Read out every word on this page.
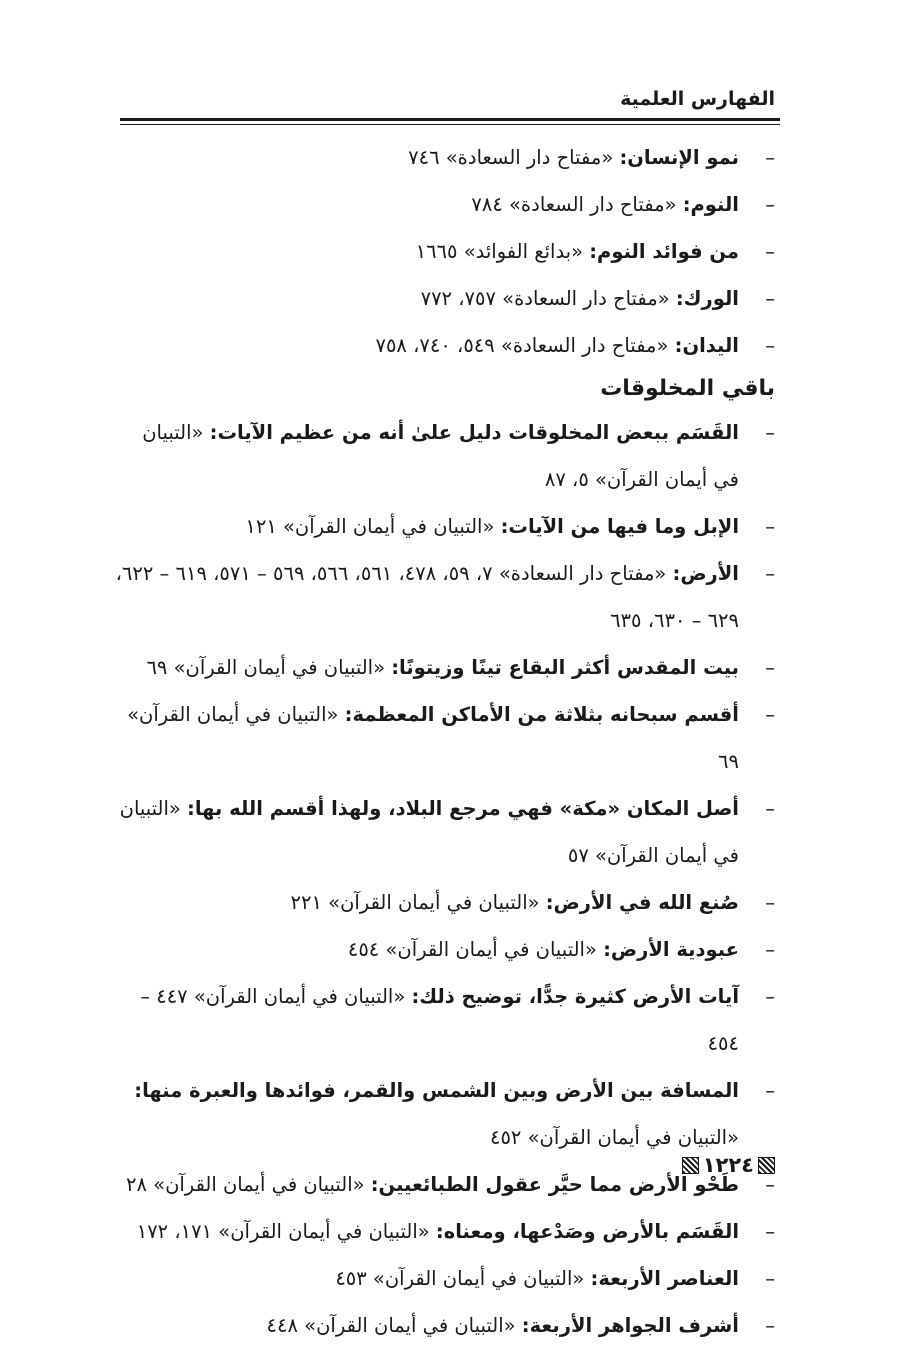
الفهارس العلمية
–
نمو الإنسان: «مفتاح دار السعادة» ٧٤٦
–
النوم: «مفتاح دار السعادة» ٧٨٤
–
من فوائد النوم: «بدائع الفوائد» ١٦٦٥
–
الورك: «مفتاح دار السعادة» ٧٥٧، ٧٧٢
–
اليدان: «مفتاح دار السعادة» ٥٤٩، ٧٤٠، ٧٥٨
باقي المخلوقات
–
القَسَم ببعض المخلوقات دليل علىٰ أنه من عظيم الآيات: «التبيان في أيمان القرآن» ٥، ٨٧
–
الإبل وما فيها من الآيات: «التبيان في أيمان القرآن» ١٢١
–
الأرض: «مفتاح دار السعادة» ٧، ٥٩، ٤٧٨، ٥٦١، ٥٦٦، ٥٦٩ – ٥٧١، ٦١٩ – ٦٢٢، ٦٢٩ – ٦٣٠، ٦٣٥
–
بيت المقدس أكثر البقاع تينًا وزيتونًا: «التبيان في أيمان القرآن» ٦٩
–
أقسم سبحانه بثلاثة من الأماكن المعظمة: «التبيان في أيمان القرآن» ٦٩
–
أصل المكان «مكة» فهي مرجع البلاد، ولهذا أقسم الله بها: «التبيان في أيمان القرآن» ٥٧
–
صُنع الله في الأرض: «التبيان في أيمان القرآن» ٢٢١
–
عبودية الأرض: «التبيان في أيمان القرآن» ٤٥٤
–
آيات الأرض كثيرة جدًّا، توضيح ذلك: «التبيان في أيمان القرآن» ٤٤٧ – ٤٥٤
–
المسافة بين الأرض وبين الشمس والقمر، فوائدها والعبرة منها: «التبيان في أيمان القرآن» ٤٥٢
–
طَحْو الأرض مما حيَّر عقول الطبائعيين: «التبيان في أيمان القرآن» ٢٨
–
القَسَم بالأرض وصَدْعها، ومعناه: «التبيان في أيمان القرآن» ١٧١، ١٧٢
–
العناصر الأربعة: «التبيان في أيمان القرآن» ٤٥٣
–
أشرف الجواهر الأربعة: «التبيان في أيمان القرآن» ٤٤٨
١٢٢٤
